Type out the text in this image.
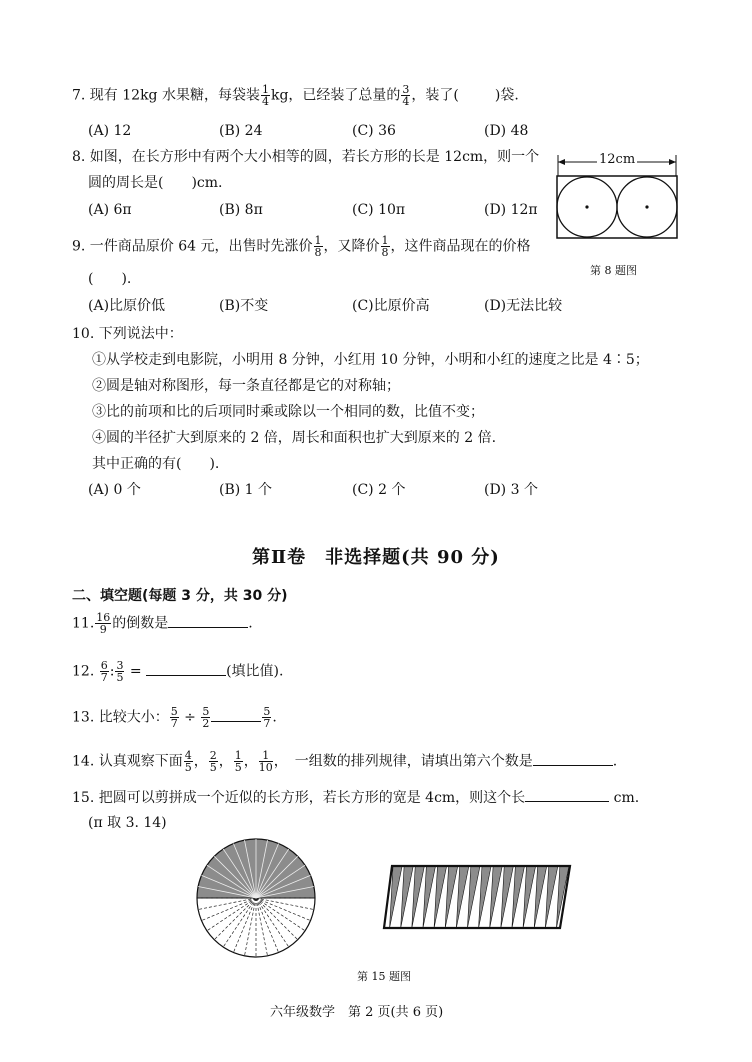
7. 现有 12kg 水果糖，每袋装 $\frac{1}{4}$ kg，已经装了总量的 $\frac{3}{4}$ ，装了(	)袋.
(A) 12	(B) 24	(C) 36	(D) 48
8. 如图，在长方形中有两个大小相等的圆，若长方形的长是 12cm，则一个
圆的周长是(　　)cm.
(A) 6π	(B) 8π	(C) 10π	(D) 12π
12cm
第 8 题图
9. 一件商品原价 64 元，出售时先涨价 $\frac{1}{8}$ ，又降价 $\frac{1}{8}$ ，这件商品现在的价格
(　　).
(A)比原价低	(B)不变	(C)比原价高	(D)无法比较
10. 下列说法中：
①从学校走到电影院，小明用 8 分钟，小红用 10 分钟，小明和小红的速度之比是 4∶5；
②圆是轴对称图形，每一条直径都是它的对称轴；
③比的前项和比的后项同时乘或除以一个相同的数，比值不变；
④圆的半径扩大到原来的 2 倍，周长和面积也扩大到原来的 2 倍.
其中正确的有(　　).
(A) 0 个	(B) 1 个	(C) 2 个	(D) 3 个
第Ⅱ卷　非选择题(共 90 分)
二、填空题(每题 3 分，共 30 分)
11. $\frac{16}{9}$ 的倒数是	.
12. $\frac{6}{7}$ : $\frac{3}{5}$ =	(填比值).
13. 比较大小： $\frac{5}{7} \div \frac{5}{2}$	$\frac{5}{7}$ .
14. 认真观察下面 $\frac{4}{5}$ ， $\frac{2}{5}$ ， $\frac{1}{5}$ ， $\frac{1}{10}$ ，　一组数的排列规律，请填出第六个数是	.
15. 把圆可以剪拼成一个近似的长方形，若长方形的宽是 4cm，则这个长	cm.
(π 取 3. 14)
第 15 题图
六年级数学　第 2 页(共 6 页)
